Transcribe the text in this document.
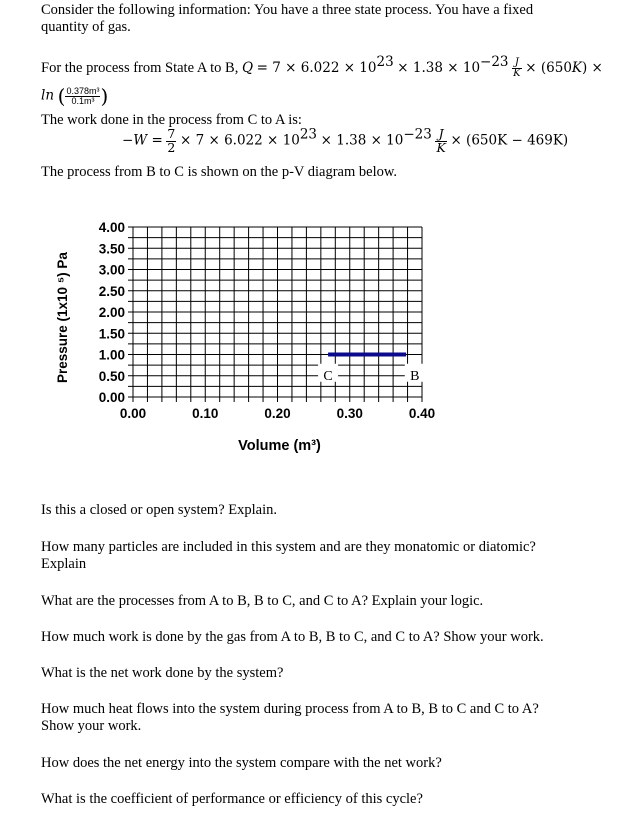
Consider the following information: You have a three state process. You have a fixed
quantity of gas.
For the process from State A to B, $Q = 7 \times 6.022 \times 10^{23} \times 1.38 \times 10^{-23} \frac{J}{K} \times (650K)$ ×
ln ( $\frac{\text{0.378m³}}{\text{0.1m³}}$ )
The work done in the process from C to A is:
$-W = \frac{7}{2} \times 7 \times 6.022 \times 10^{23} \times 1.38 \times 10^{-23} \frac{J}{K} \times (650K - 469K)$
The process from B to C is shown on the p-V diagram below.
4.00
3.50
3.00
2.50
2.00
1.50
1.00
0.50
0.00
0.00	0.10	0.20	0.30	0.40
C	B
Volume (m³)
Pressure (1x10 ⁵) Pa
Is this a closed or open system? Explain.
How many particles are included in this system and are they monatomic or diatomic?
Explain
What are the processes from A to B, B to C, and C to A? Explain your logic.
How much work is done by the gas from A to B, B to C, and C to A? Show your work.
What is the net work done by the system?
How much heat flows into the system during process from A to B, B to C and C to A?
Show your work.
How does the net energy into the system compare with the net work?
What is the coefficient of performance or efficiency of this cycle?
